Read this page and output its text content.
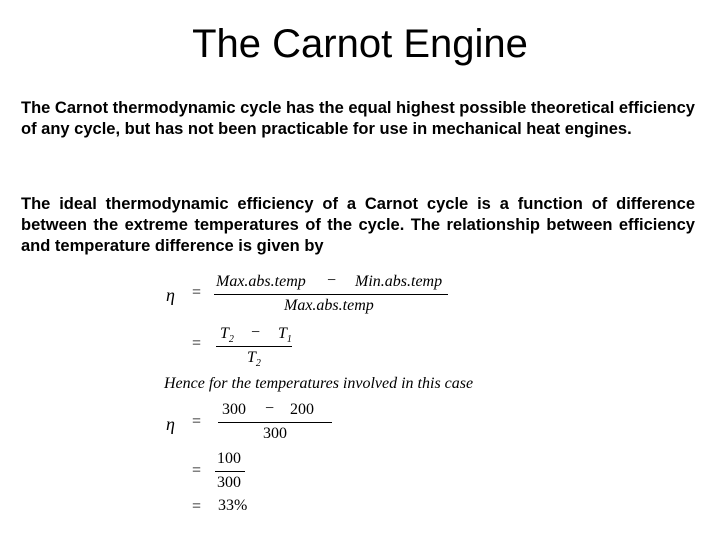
The Carnot Engine
The Carnot thermodynamic cycle has the equal highest possible theoretical efficiency of any cycle, but has not been practicable for use in mechanical heat engines.
The ideal thermodynamic efficiency of a Carnot cycle is a function of difference between the extreme temperatures of the cycle. The relationship between efficiency and temperature difference is given by
η =
Max.abs.temp − Min.abs.temp
Max.abs.temp
=
$T_2 - T_1$
$T_2$
Hence for the temperatures involved in this case
η =
300 − 200
300
=
100
300
= 33%
